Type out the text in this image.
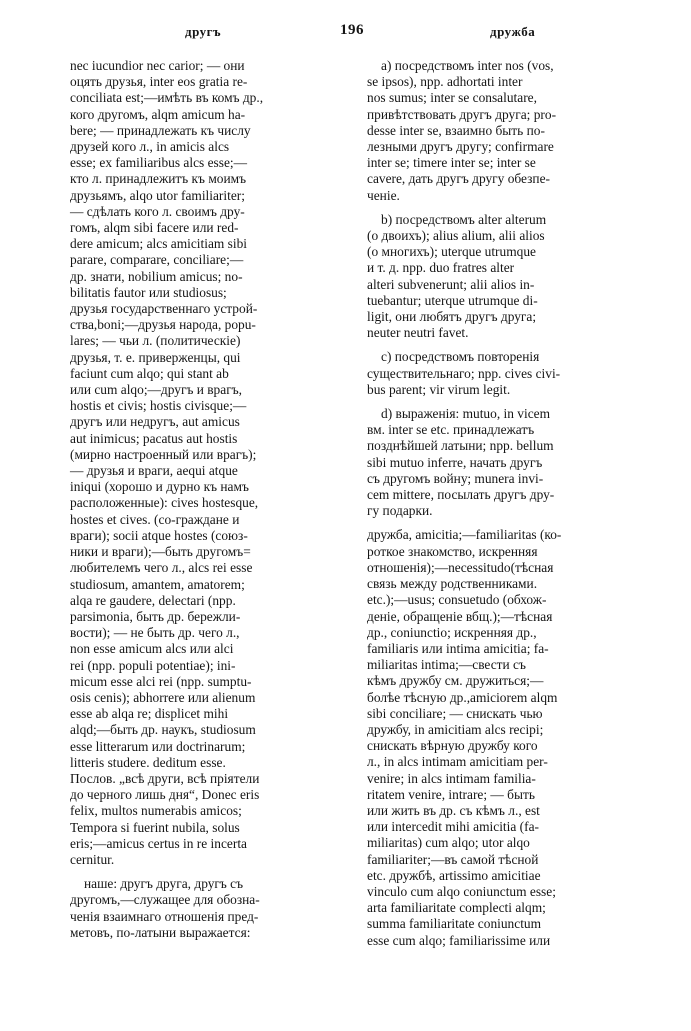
другъ	196	дружба
nec iucundior nec carior; — они
оцять друзья, inter eos gratia re-
conciliata est;—имѣть въ комъ др.,
кого другомъ, alqm amicum ha-
bere; — принадлежать къ числу
друзей кого л., in amicis alcs
esse; ex familiaribus alcs esse;—
кто л. принадлежитъ къ моимъ
друзьямъ, alqo utor familiariter;
— сдѣлать кого л. своимъ дру-
гомъ, alqm sibi facere или red-
dere amicum; alcs amicitiam sibi
parare, comparare, conciliare;—
др. знати, nobilium amicus; no-
bilitatis fautor или studiosus;
друзья государственнаго устрой-
ства,boni;—друзья народа, popu-
lares; — чьи л. (политическіе)
друзья, т. е. приверженцы, qui
faciunt cum alqo; qui stant ab
или cum alqo;—другъ и врагъ,
hostis et civis; hostis civisque;—
другъ или недругъ, aut amicus
aut inimicus; pacatus aut hostis
(мирно настроенный или врагъ);
— друзья и враги, aequi atque
iniqui (хорошо и дурно къ намъ
расположенные): cives hostesque,
hostes et cives. (со-граждане и
враги); socii atque hostes (союз-
ники и враги);—быть другомъ=
любителемъ чего л., alcs rei esse
studiosum, amantem, amatorem;
alqa re gaudere, delectari (npp.
parsimonia, быть др. бережли-
вости); — не быть др. чего л.,
non esse amicum alcs или alci
rei (npp. populi potentiae); ini-
micum esse alci rei (npp. sumptu-
osis cenis); abhorrere или alienum
esse ab alqa re; displicet mihi
alqd;—быть др. наукъ, studiosum
esse litterarum или doctrinarum;
litteris studere. deditum esse.
Послов. „всѣ други, всѣ пріятели
до черного лишь дня“, Donec eris
felix, multos numerabis amicos;
Tempora si fuerint nubila, solus
eris;—amicus certus in re incerta
cernitur.
наше: другъ друга, другъ съ
другомъ,—служащее для обозна-
ченія взаимнаго отношенія пред-
метовъ, по-латыни выражается:
a) посредствомъ inter nos (vos,
se ipsos), npp. adhortati inter
nos sumus; inter se consalutare,
привѣтствовать другъ друга; pro-
desse inter se, взаимно быть по-
лезными другъ другу; confirmare
inter se; timere inter se; inter se
cavere, дать другъ другу обезпе-
ченіе.
b) посредствомъ alter alterum
(о двоихъ); alius alium, alii alios
(о многихъ); uterque utrumque
и т. д. npp. duo fratres alter
alteri subvenerunt; alii alios in-
tuebantur; uterque utrumque di-
ligit, они любятъ другъ друга;
neuter neutri favet.
c) посредствомъ повторенія
существительнаго; npp. cives civi-
bus parent; vir virum legit.
d) выраженія: mutuo, in vicem
вм. inter se etc. принадлежатъ
позднѣйшей латыни; npp. bellum
sibi mutuo inferre, начать другъ
съ другомъ войну; munera invi-
cem mittere, посылать другъ дру-
гу подарки.
дружба, amicitia;—familiaritas (ко-
роткое знакомство, искренняя
отношенія);—necessitudo(тѣсная
связь между родственниками.
etc.);—usus; consuetudo (обхож-
деніе, обращеніе вбщ.);—тѣсная
др., coniunctio; искренняя др.,
familiaris или intima amicitia; fa-
miliaritas intima;—свести съ
кѣмъ дружбу см. дружиться;—
болѣе тѣсную др.,amiciorem alqm
sibi conciliare; — снискать чью
дружбу, in amicitiam alcs recipi;
снискать вѣрную дружбу кого
л., in alcs intimam amicitiam per-
venire; in alcs intimam familia-
ritatem venire, intrare; — быть
или жить въ др. съ кѣмъ л., est
или intercedit mihi amicitia (fa-
miliaritas) cum alqo; utor alqo
familiariter;—въ самой тѣсной
etc. дружбѣ, artissimo amicitiae
vinculo cum alqo coniunctum esse;
arta familiaritate complecti alqm;
summa familiaritate coniunctum
esse cum alqo; familiarissime или
